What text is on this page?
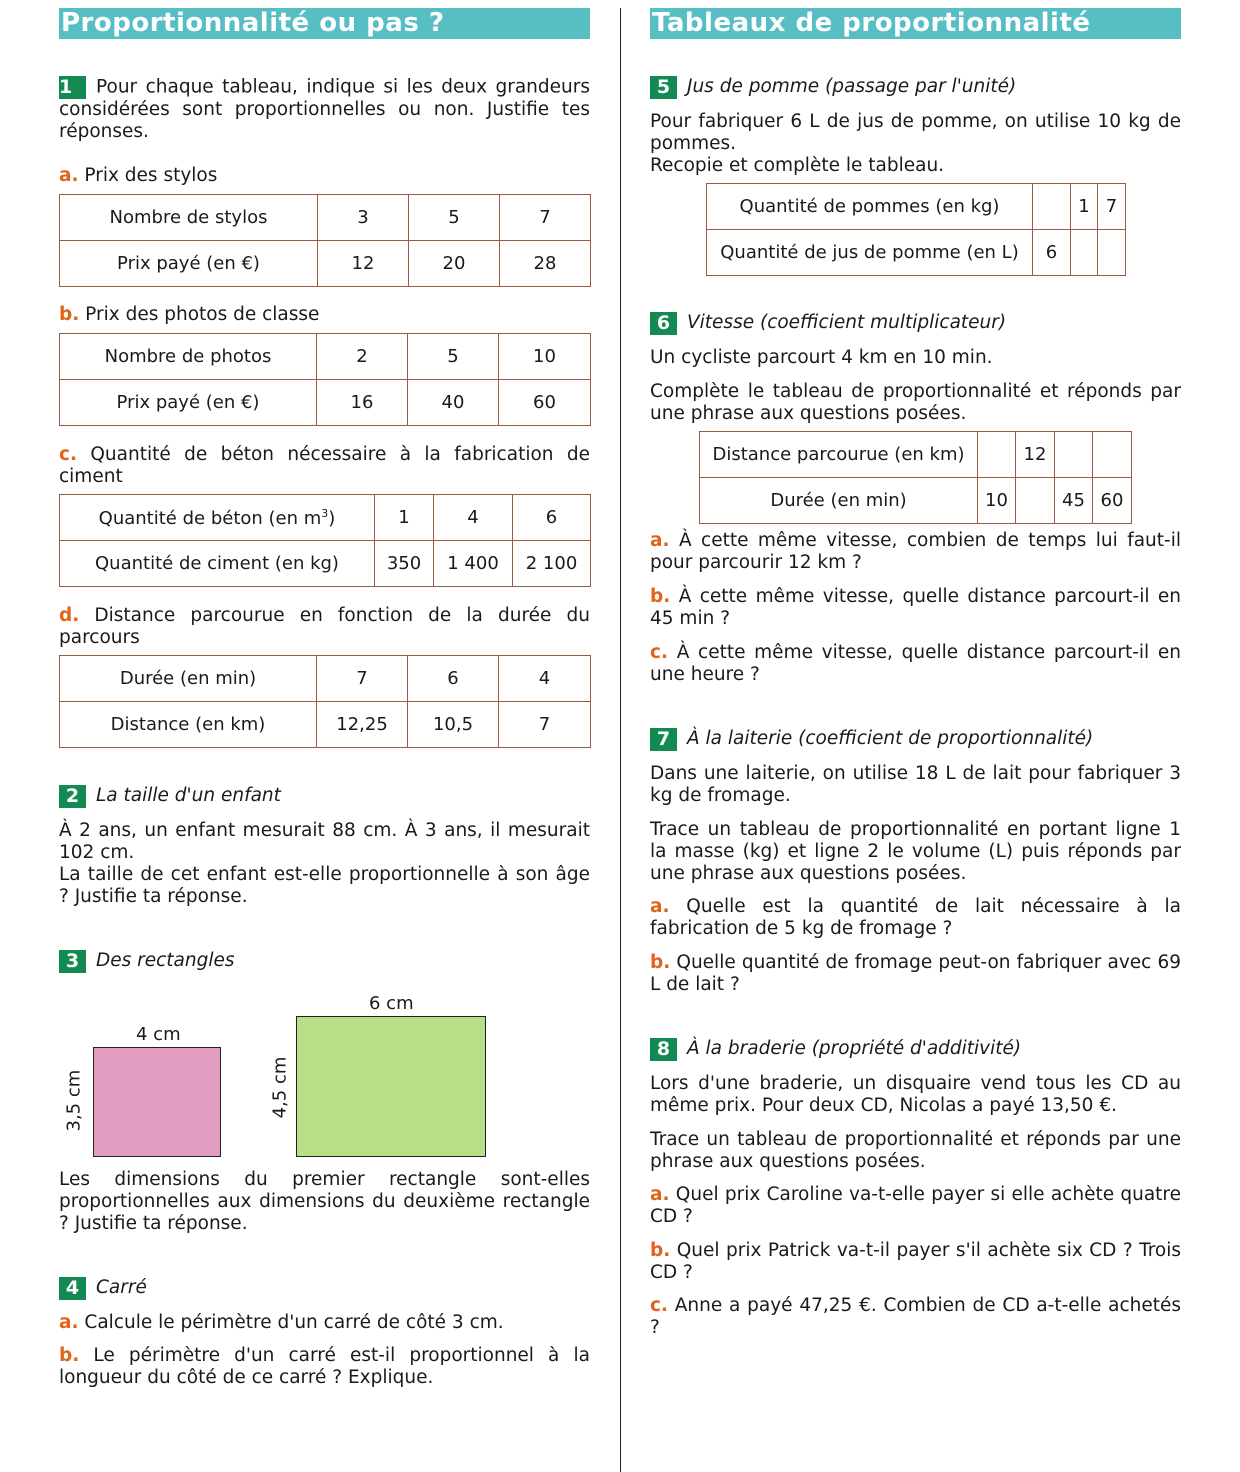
Proportionnalité ou pas ?

1 Pour chaque tableau, indique si les deux grandeurs considérées sont proportionnelles ou non. Justifie tes réponses.

a. Prix des stylos
Nombre de stylos	3	5	7
Prix payé (en €)	12	20	28
b. Prix des photos de classe
Nombre de photos	2	5	10
Prix payé (en €)	16	40	60

c. Quantité de béton nécessaire à la fabrication de ciment

Quantité de béton (en $m^3$)	1	4	6
Quantité de ciment (en kg)	350	1 400	2 100

d. Distance parcourue en fonction de la durée du parcours

Durée (en min)	7	6	4
Distance (en km)	12,25	10,5	7
2 La taille d'un enfant

À 2 ans, un enfant mesurait 88 cm. À 3 ans, il mesurait 102 cm.

La taille de cet enfant est-elle proportionnelle à son âge ? Justifie ta réponse.

3 Des rectangles
4 cm
3,5 cm
6 cm
4,5 cm

Les dimensions du premier rectangle sont-elles proportionnelles aux dimensions du deuxième rectangle ? Justifie ta réponse.

4 Carré

a. Calcule le périmètre d'un carré de côté 3 cm.

b. Le périmètre d'un carré est-il proportionnel à la longueur du côté de ce carré ? Explique.

Tableaux de proportionnalité
5 Jus de pomme (passage par l'unité)

Pour fabriquer 6 L de jus de pomme, on utilise 10 kg de pommes.

Recopie et complète le tableau.

Quantité de pommes (en kg)		1	7
Quantité de jus de pomme (en L)	6		
6 Vitesse (coefficient multiplicateur)

Un cycliste parcourt 4 km en 10 min.

Complète le tableau de proportionnalité et réponds par une phrase aux questions posées.

Distance parcourue (en km)		12		
Durée (en min)	10		45	60

a. À cette même vitesse, combien de temps lui faut-il pour parcourir 12 km ?

b. À cette même vitesse, quelle distance parcourt-il en 45 min ?

c. À cette même vitesse, quelle distance parcourt-il en une heure ?

7 À la laiterie (coefficient de proportionnalité)

Dans une laiterie, on utilise 18 L de lait pour fabriquer 3 kg de fromage.

Trace un tableau de proportionnalité en portant ligne 1 la masse (kg) et ligne 2 le volume (L) puis réponds par une phrase aux questions posées.

a. Quelle est la quantité de lait nécessaire à la fabrication de 5 kg de fromage ?

b. Quelle quantité de fromage peut-on fabriquer avec 69 L de lait ?

8 À la braderie (propriété d'additivité)

Lors d'une braderie, un disquaire vend tous les CD au même prix. Pour deux CD, Nicolas a payé 13,50 €.

Trace un tableau de proportionnalité et réponds par une phrase aux questions posées.

a. Quel prix Caroline va-t-elle payer si elle achète quatre CD ?

b. Quel prix Patrick va-t-il payer s'il achète six CD ? Trois CD ?

c. Anne a payé 47,25 €. Combien de CD a-t-elle achetés ?
